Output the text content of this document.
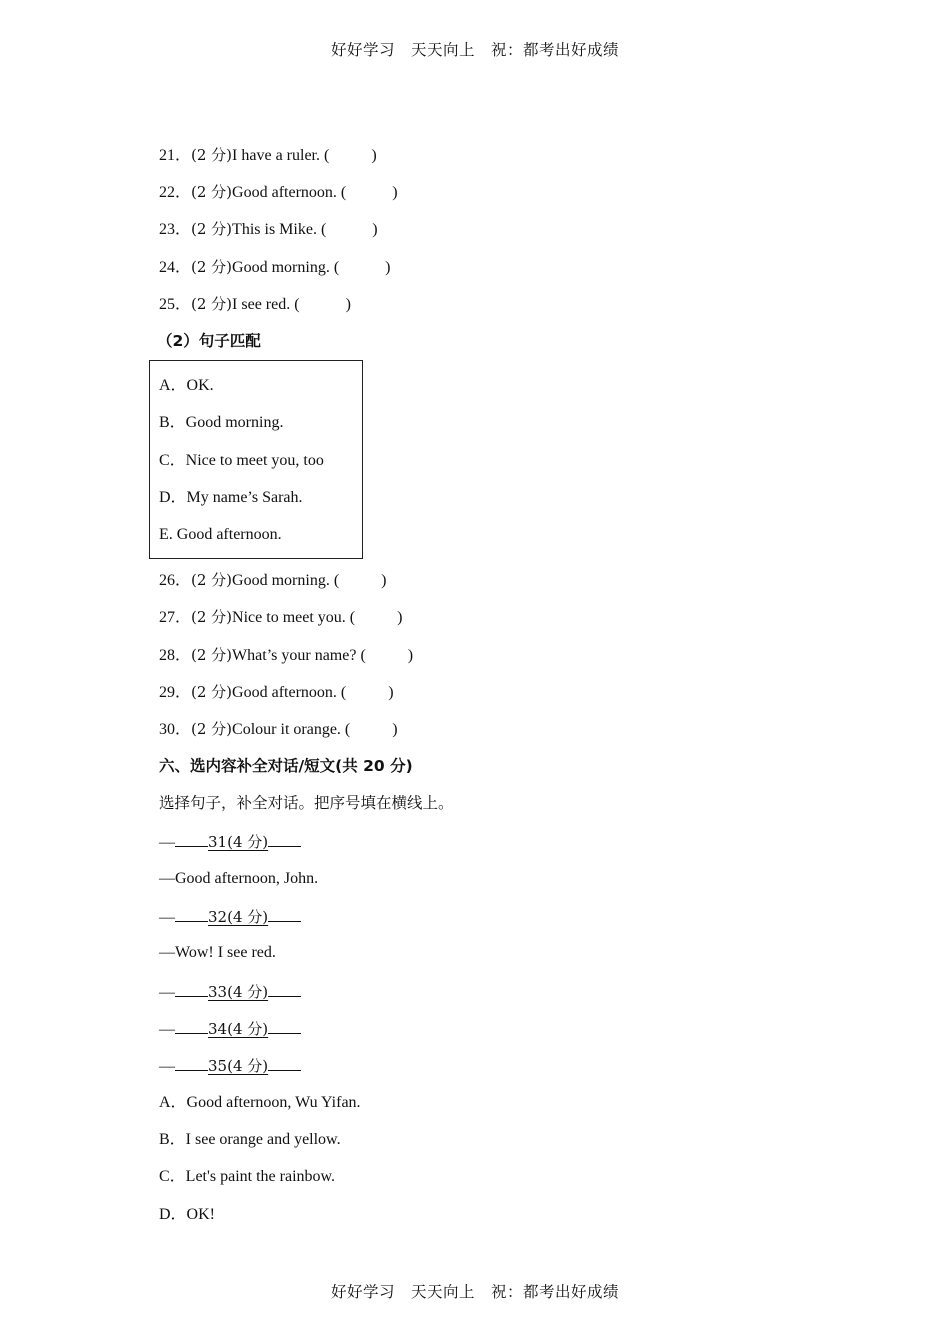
好好学习　天天向上　祝：都考出好成绩
21．(2 分)I have a ruler. (	)
22．(2 分)Good afternoon. (	)
23．(2 分)This is Mike. (	)
24．(2 分)Good morning. (	)
25．(2 分)I see red. (	)
（2）句子匹配
A．OK.
B．Good morning.
C．Nice to meet you, too
D．My name’s Sarah.
E. Good afternoon.
26．(2 分)Good morning. (	)
27．(2 分)Nice to meet you. (	)
28．(2 分)What’s your name? (	)
29．(2 分)Good afternoon. (	)
30．(2 分)Colour it orange. (	)
六、选内容补全对话/短文(共 20 分)
选择句子，补全对话。把序号填在横线上。
— 31(4 分)
—Good afternoon, John.
— 32(4 分)
—Wow! I see red.
— 33(4 分)
— 34(4 分)
— 35(4 分)
A．Good afternoon, Wu Yifan.
B．I see orange and yellow.
C．Let's paint the rainbow.
D．OK!
好好学习　天天向上　祝：都考出好成绩
